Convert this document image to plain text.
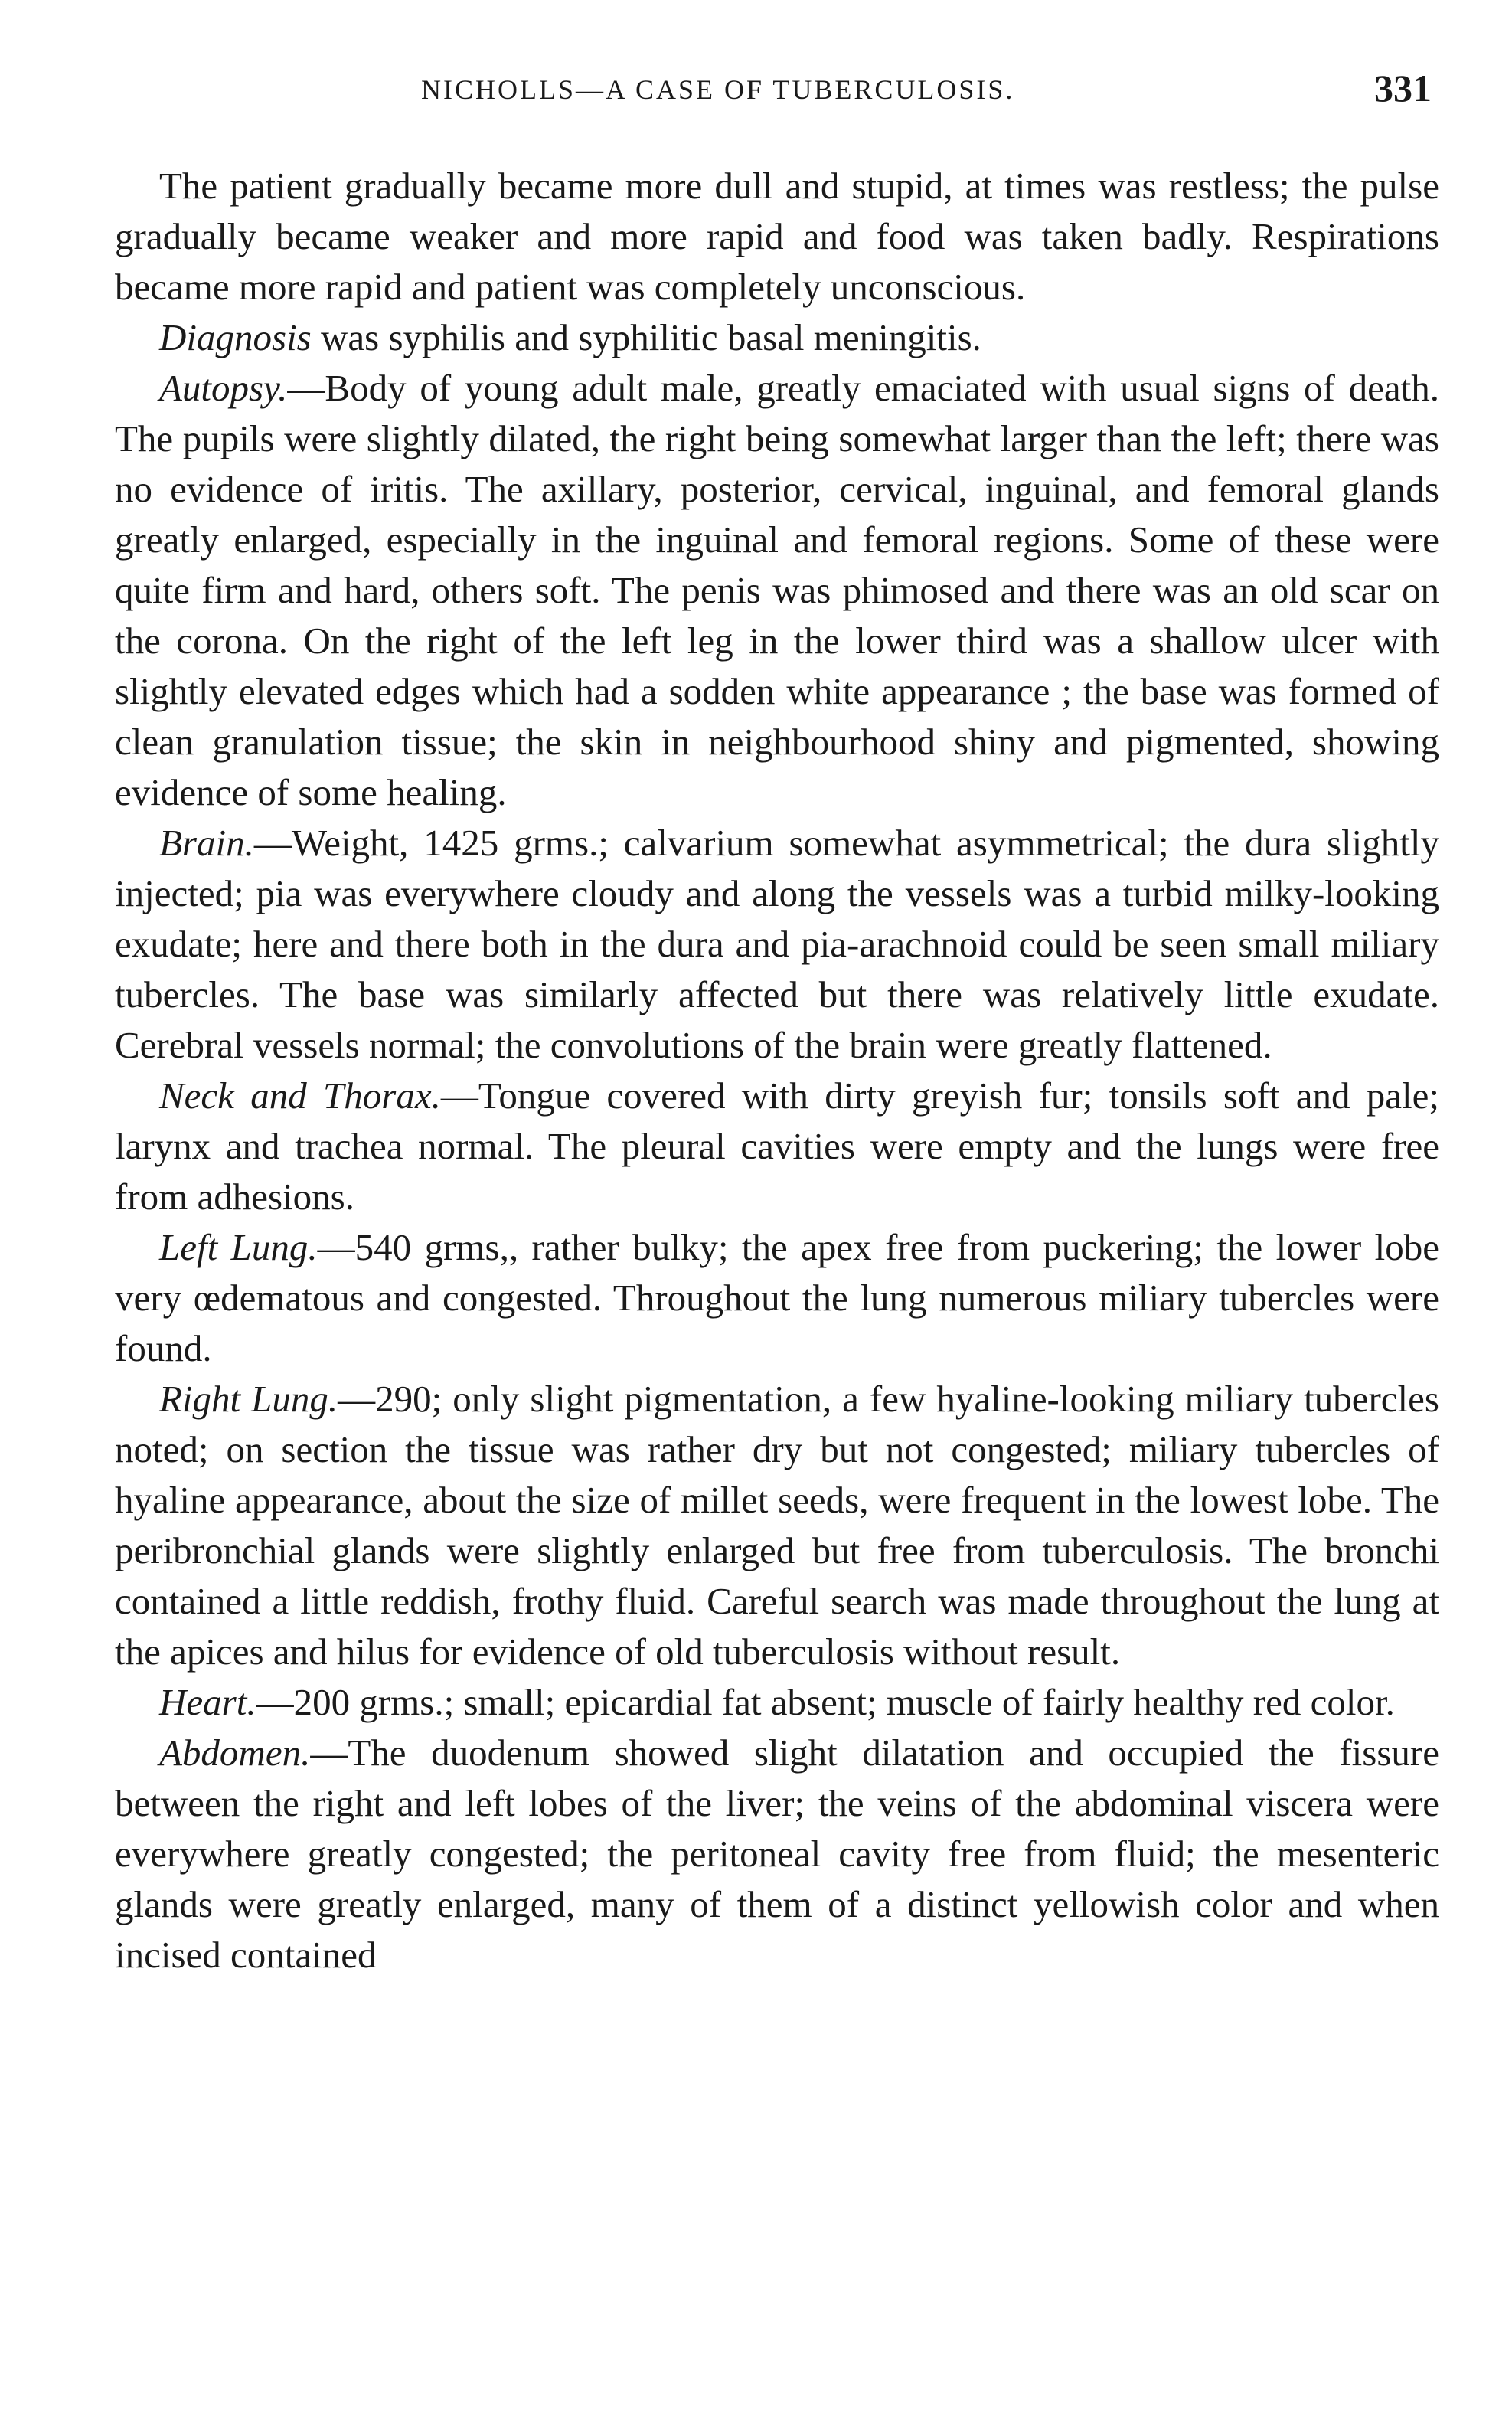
NICHOLLS—A CASE OF TUBERCULOSIS.	331

The patient gradually became more dull and stupid, at times was restless; the pulse gradually became weaker and more rapid and food was taken badly. Respirations became more rapid and patient was completely unconscious.

Diagnosis was syphilis and syphilitic basal meningitis.

Autopsy.—Body of young adult male, greatly emaciated with usual signs of death. The pupils were slightly dilated, the right being somewhat larger than the left; there was no evidence of iritis. The axillary, posterior, cervical, inguinal, and femoral glands greatly enlarged, especially in the inguinal and femoral regions. Some of these were quite firm and hard, others soft. The penis was phimosed and there was an old scar on the corona. On the right of the left leg in the lower third was a shallow ulcer with slightly elevated edges which had a sodden white appearance ; the base was formed of clean granulation tissue; the skin in neighbourhood shiny and pigmented, showing evidence of some healing.

Brain.—Weight, 1425 grms.; calvarium somewhat asymmetrical; the dura slightly injected; pia was everywhere cloudy and along the vessels was a turbid milky-looking exudate; here and there both in the dura and pia-arachnoid could be seen small miliary tubercles. The base was similarly affected but there was relatively little exudate. Cerebral vessels normal; the convolutions of the brain were greatly flattened.

Neck and Thorax.—Tongue covered with dirty greyish fur; tonsils soft and pale; larynx and trachea normal. The pleural cavities were empty and the lungs were free from adhesions.

Left Lung.—540 grms,, rather bulky; the apex free from puckering; the lower lobe very œdematous and congested. Throughout the lung numerous miliary tubercles were found.

Right Lung.—290; only slight pigmentation, a few hyaline-looking miliary tubercles noted; on section the tissue was rather dry but not congested; miliary tubercles of hyaline appearance, about the size of millet seeds, were frequent in the lowest lobe. The peribronchial glands were slightly enlarged but free from tuberculosis. The bronchi contained a little reddish, frothy fluid. Careful search was made throughout the lung at the apices and hilus for evidence of old tuberculosis without result.

Heart.—200 grms.; small; epicardial fat absent; muscle of fairly healthy red color.

Abdomen.—The duodenum showed slight dilatation and occupied the fissure between the right and left lobes of the liver; the veins of the abdominal viscera were everywhere greatly congested; the peritoneal cavity free from fluid; the mesenteric glands were greatly enlarged, many of them of a distinct yellowish color and when incised contained
